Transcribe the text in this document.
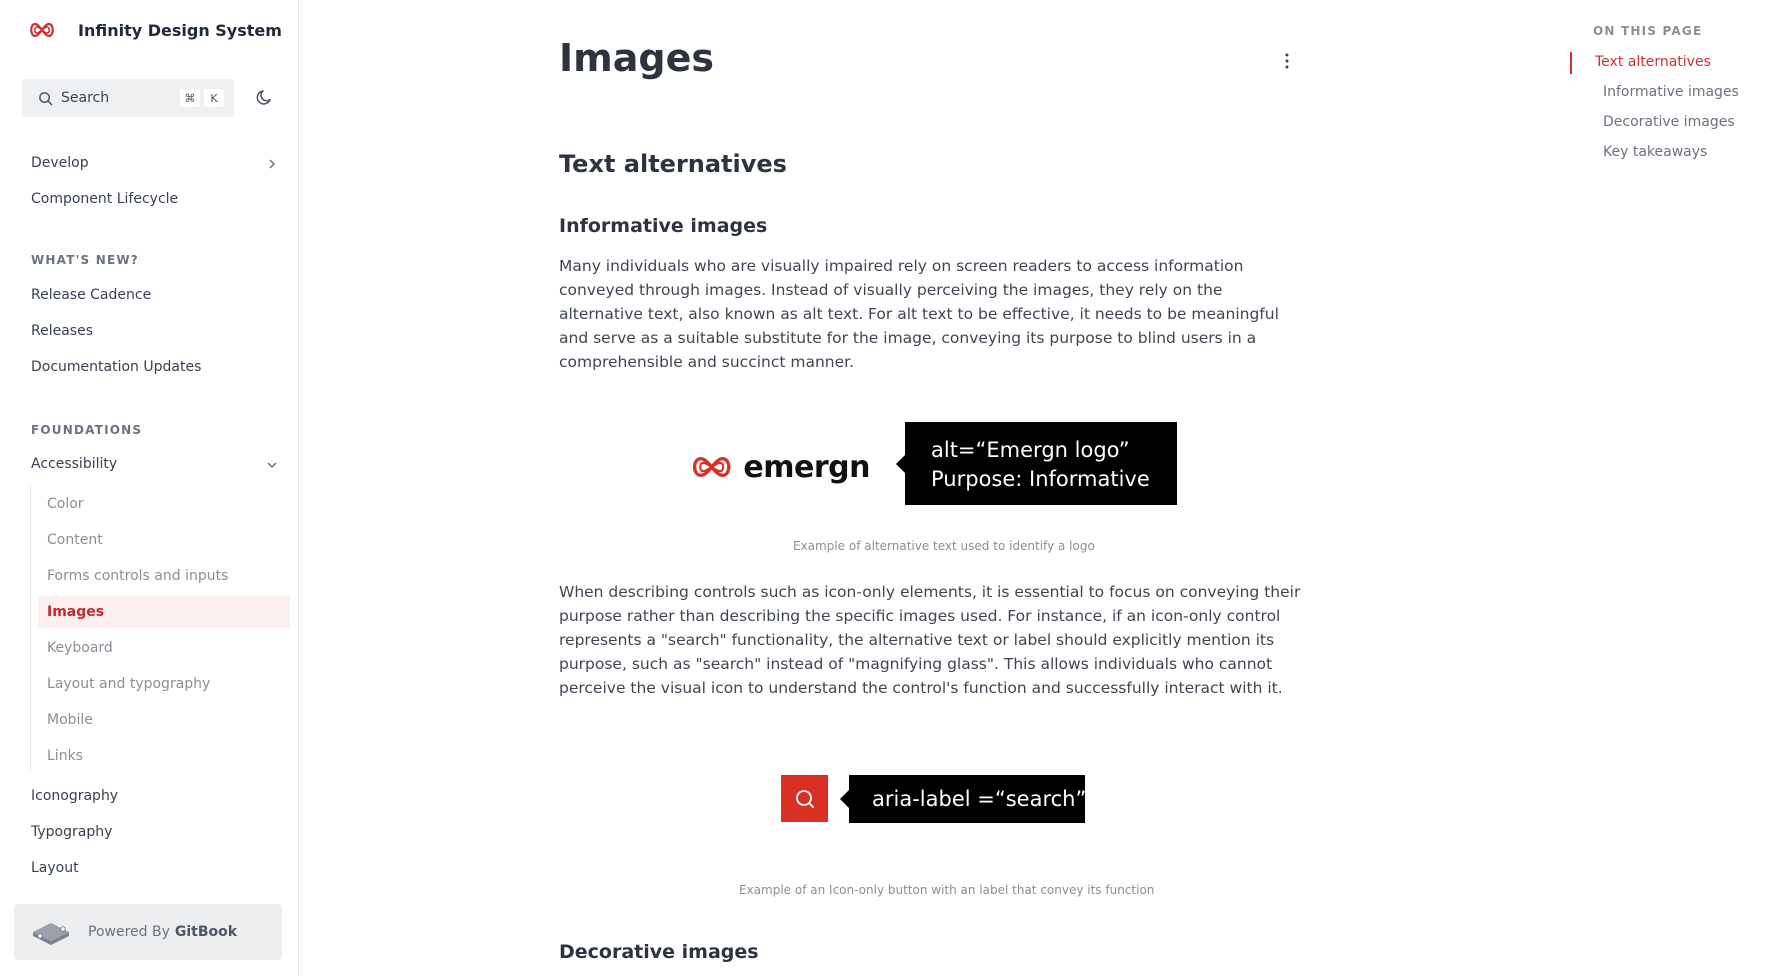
Infinity Design System
Search	⌘	K
Develop
Component Lifecycle
WHAT'S NEW?
Release Cadence
Releases
Documentation Updates
FOUNDATIONS
Accessibility
Color
Content
Forms controls and inputs
Images
Keyboard
Layout and typography
Mobile
Links
Iconography
Typography
Layout
Powered By GitBook
Images
Text alternatives
Informative images

Many individuals who are visually impaired rely on screen readers to access information conveyed through images. Instead of visually perceiving the images, they rely on the alternative text, also known as alt text. For alt text to be effective, it needs to be meaningful and serve as a suitable substitute for the image, conveying its purpose to blind users in a comprehensible and succinct manner.

emergn	alt=“Emergn logo”
Purpose: Informative
Example of alternative text used to identify a logo

When describing controls such as icon-only elements, it is essential to focus on conveying their purpose rather than describing the specific images used. For instance, if an icon-only control represents a "search" functionality, the alternative text or label should explicitly mention its purpose, such as "search" instead of "magnifying glass". This allows individuals who cannot perceive the visual icon to understand the control's function and successfully interact with it.

aria-label =“search”
Example of an Icon-only button with an label that convey its function
Decorative images
ON THIS PAGE
Text alternatives
Informative images
Decorative images
Key takeaways
